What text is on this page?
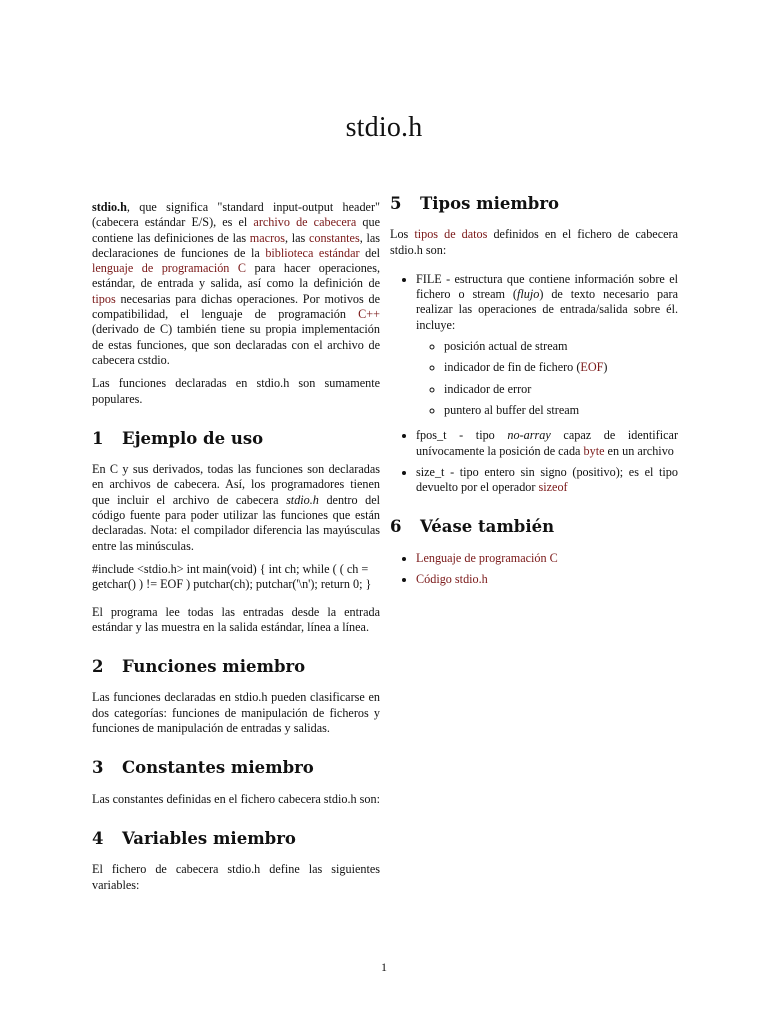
stdio.h

stdio.h, que significa "standard input-output header" (cabecera estándar E/S), es el archivo de cabecera que contiene las definiciones de las macros, las constantes, las declaraciones de funciones de la biblioteca estándar del lenguaje de programación C para hacer operaciones, estándar, de entrada y salida, así como la definición de tipos necesarias para dichas operaciones. Por motivos de compatibilidad, el lenguaje de programación C++ (derivado de C) también tiene su propia implementación de estas funciones, que son declaradas con el archivo de cabecera cstdio.

Las funciones declaradas en stdio.h son sumamente populares.

1	Ejemplo de uso

En C y sus derivados, todas las funciones son declaradas en archivos de cabecera. Así, los programadores tienen que incluir el archivo de cabecera stdio.h dentro del código fuente para poder utilizar las funciones que están declaradas. Nota: el compilador diferencia las mayúsculas entre las minúsculas.

#include <stdio.h> int main(void) { int ch; while ( ( ch = getchar() ) != EOF ) putchar(ch); putchar('\n'); return 0; }

El programa lee todas las entradas desde la entrada estándar y las muestra en la salida estándar, línea a línea.

2	Funciones miembro

Las funciones declaradas en stdio.h pueden clasificarse en dos categorías: funciones de manipulación de ficheros y funciones de manipulación de entradas y salidas.

3	Constantes miembro

Las constantes definidas en el fichero cabecera stdio.h son:

4	Variables miembro

El fichero de cabecera stdio.h define las siguientes variables:

5	Tipos miembro

Los tipos de datos definidos en el fichero de cabecera stdio.h son:

• FILE - estructura que contiene información sobre el fichero o stream (flujo) de texto necesario para realizar las operaciones de entrada/salida sobre él. incluye:
◦ posición actual de stream
◦ indicador de fin de fichero (EOF)
◦ indicador de error
◦ puntero al buffer del stream
• fpos_t - tipo no-array capaz de identificar unívocamente la posición de cada byte en un archivo
• size_t - tipo entero sin signo (positivo); es el tipo devuelto por el operador sizeof
6	Véase también
• Lenguaje de programación C
• Código stdio.h
1
